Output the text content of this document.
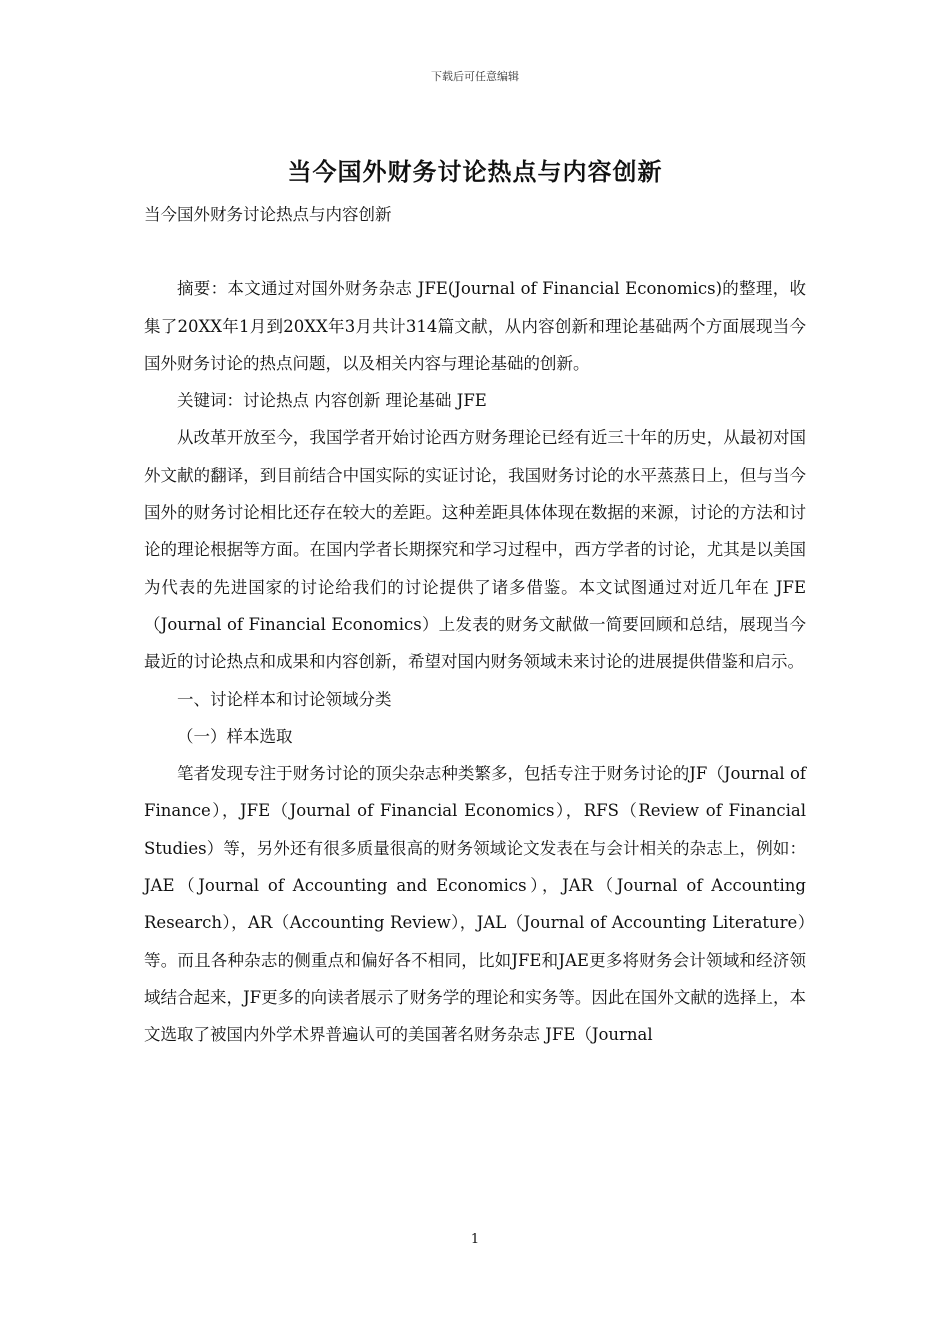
下载后可任意编辑
当今国外财务讨论热点与内容创新

当今国外财务讨论热点与内容创新

摘要：本文通过对国外财务杂志 JFE(Journal of Financial Economics)的整理，收集了20XX年1月到20XX年3月共计314篇文献，从内容创新和理论基础两个方面展现当今国外财务讨论的热点问题，以及相关内容与理论基础的创新。

关键词：讨论热点 内容创新 理论基础 JFE

从改革开放至今，我国学者开始讨论西方财务理论已经有近三十年的历史，从最初对国外文献的翻译，到目前结合中国实际的实证讨论，我国财务讨论的水平蒸蒸日上，但与当今国外的财务讨论相比还存在较大的差距。这种差距具体体现在数据的来源，讨论的方法和讨论的理论根据等方面。在国内学者长期探究和学习过程中，西方学者的讨论，尤其是以美国为代表的先进国家的讨论给我们的讨论提供了诸多借鉴。本文试图通过对近几年在 JFE（Journal of Financial Economics）上发表的财务文献做一简要回顾和总结，展现当今最近的讨论热点和成果和内容创新，希望对国内财务领域未来讨论的进展提供借鉴和启示。

一、讨论样本和讨论领域分类

（一）样本选取

笔者发现专注于财务讨论的顶尖杂志种类繁多，包括专注于财务讨论的JF（Journal of Finance），JFE（Journal of Financial Economics），RFS（Review of Financial Studies）等，另外还有很多质量很高的财务领域论文发表在与会计相关的杂志上，例如：JAE（Journal of Accounting and Economics），JAR（Journal of Accounting Research），AR（Accounting Review），JAL（Journal of Accounting Literature）等。而且各种杂志的侧重点和偏好各不相同，比如JFE和JAE更多将财务会计领域和经济领域结合起来，JF更多的向读者展示了财务学的理论和实务等。因此在国外文献的选择上，本文选取了被国内外学术界普遍认可的美国著名财务杂志 JFE（Journal

1
